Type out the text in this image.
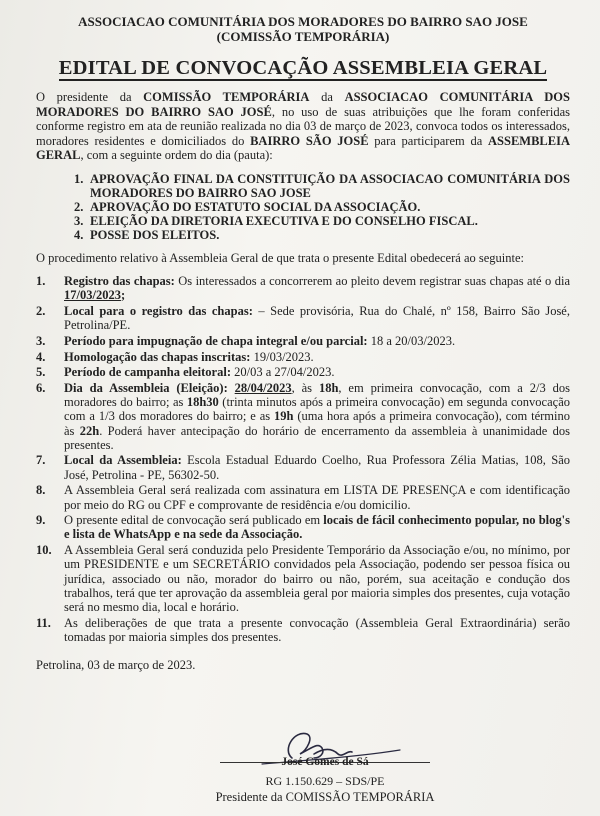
ASSOCIACAO COMUNITÁRIA DOS MORADORES DO BAIRRO SAO JOSE
(COMISSÃO TEMPORÁRIA)
EDITAL DE CONVOCAÇÃO ASSEMBLEIA GERAL

O presidente da COMISSÃO TEMPORÁRIA da ASSOCIACAO COMUNITÁRIA DOS MORADORES DO BAIRRO SAO JOSÉ, no uso de suas atribuições que lhe foram conferidas conforme registro em ata de reunião realizada no dia 03 de março de 2023, convoca todos os interessados, moradores residentes e domiciliados do BAIRRO SÃO JOSÉ para participarem da ASSEMBLEIA GERAL, com a seguinte ordem do dia (pauta):

1. APROVAÇÃO FINAL DA CONSTITUIÇÃO DA ASSOCIACAO COMUNITÁRIA DOS MORADORES DO BAIRRO SAO JOSE
2. APROVAÇÃO DO ESTATUTO SOCIAL DA ASSOCIAÇÃO.
3. ELEIÇÃO DA DIRETORIA EXECUTIVA E DO CONSELHO FISCAL.
4. POSSE DOS ELEITOS.

O procedimento relativo à Assembleia Geral de que trata o presente Edital obedecerá ao seguinte:

1. Registro das chapas: Os interessados a concorrerem ao pleito devem registrar suas chapas até o dia 17/03/2023;
2. Local para o registro das chapas: – Sede provisória, Rua do Chalé, nº 158, Bairro São José, Petrolina/PE.
3. Período para impugnação de chapa integral e/ou parcial: 18 a 20/03/2023.
4. Homologação das chapas inscritas: 19/03/2023.
5. Período de campanha eleitoral: 20/03 a 27/04/2023.
6. Dia da Assembleia (Eleição): 28/04/2023, às 18h, em primeira convocação, com a 2/3 dos moradores do bairro; as 18h30 (trinta minutos após a primeira convocação) em segunda convocação com a 1/3 dos moradores do bairro; e as 19h (uma hora após a primeira convocação), com término às 22h. Poderá haver antecipação do horário de encerramento da assembleia à unanimidade dos presentes.
7. Local da Assembleia: Escola Estadual Eduardo Coelho, Rua Professora Zélia Matias, 108, São José, Petrolina - PE, 56302-50.
8. A Assembleia Geral será realizada com assinatura em LISTA DE PRESENÇA e com identificação por meio do RG ou CPF e comprovante de residência e/ou domicilio.
9. O presente edital de convocação será publicado em locais de fácil conhecimento popular, no blog's e lista de WhatsApp e na sede da Associação.
10. A Assembleia Geral será conduzida pelo Presidente Temporário da Associação e/ou, no mínimo, por um PRESIDENTE e um SECRETÁRIO convidados pela Associação, podendo ser pessoa física ou jurídica, associado ou não, morador do bairro ou não, porém, sua aceitação e condução dos trabalhos, terá que ter aprovação da assembleia geral por maioria simples dos presentes, cuja votação será no mesmo dia, local e horário.
11. As deliberações de que trata a presente convocação (Assembleia Geral Extraordinária) serão tomadas por maioria simples dos presentes.

Petrolina, 03 de março de 2023.

José Gomes de Sá
RG 1.150.629 – SDS/PE
Presidente da COMISSÃO TEMPORÁRIA
